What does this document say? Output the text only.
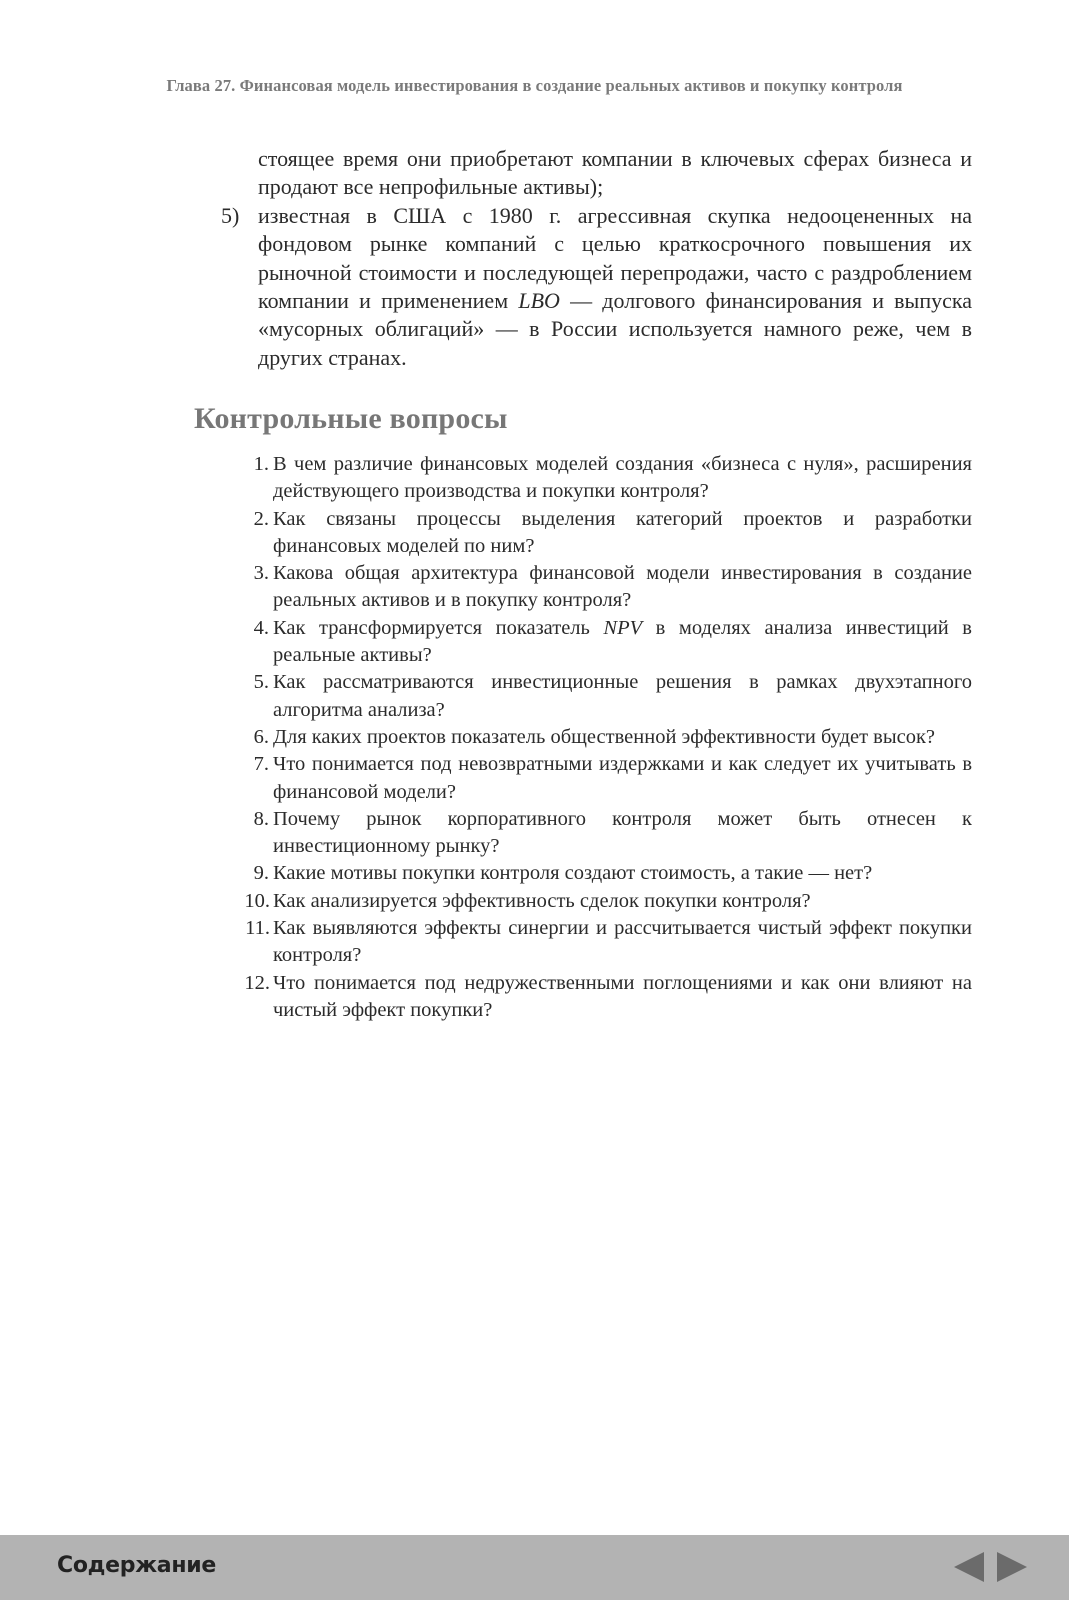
Глава 27. Финансовая модель инвестирования в создание реальных активов и покупку контроля

стоящее время они приобретают компании в ключевых сферах бизнеса и продают все непрофильные активы);

5) известная в США с 1980 г. агрессивная скупка недооцененных на фондовом рынке компаний с целью краткосрочного повышения их рыночной стоимости и последующей перепродажи, часто с раздроблением компании и применением LBO — долгового финансирования и выпуска «мусорных облигаций» — в России используется намного реже, чем в других странах.

Контрольные вопросы
1. В чем различие финансовых моделей создания «бизнеса с нуля», расширения действующего производства и покупки контроля?
2. Как связаны процессы выделения категорий проектов и разработки финансовых моделей по ним?
3. Какова общая архитектура финансовой модели инвестирования в создание реальных активов и в покупку контроля?
4. Как трансформируется показатель NPV в моделях анализа инвестиций в реальные активы?
5. Как рассматриваются инвестиционные решения в рамках двухэтапного алгоритма анализа?
6. Для каких проектов показатель общественной эффективности будет высок?
7. Что понимается под невозвратными издержками и как следует их учитывать в финансовой модели?
8. Почему рынок корпоративного контроля может быть отнесен к инвестиционному рынку?
9. Какие мотивы покупки контроля создают стоимость, а такие — нет?
10. Как анализируется эффективность сделок покупки контроля?
11. Как выявляются эффекты синергии и рассчитывается чистый эффект покупки контроля?
12. Что понимается под недружественными поглощениями и как они влияют на чистый эффект покупки?
Содержание
